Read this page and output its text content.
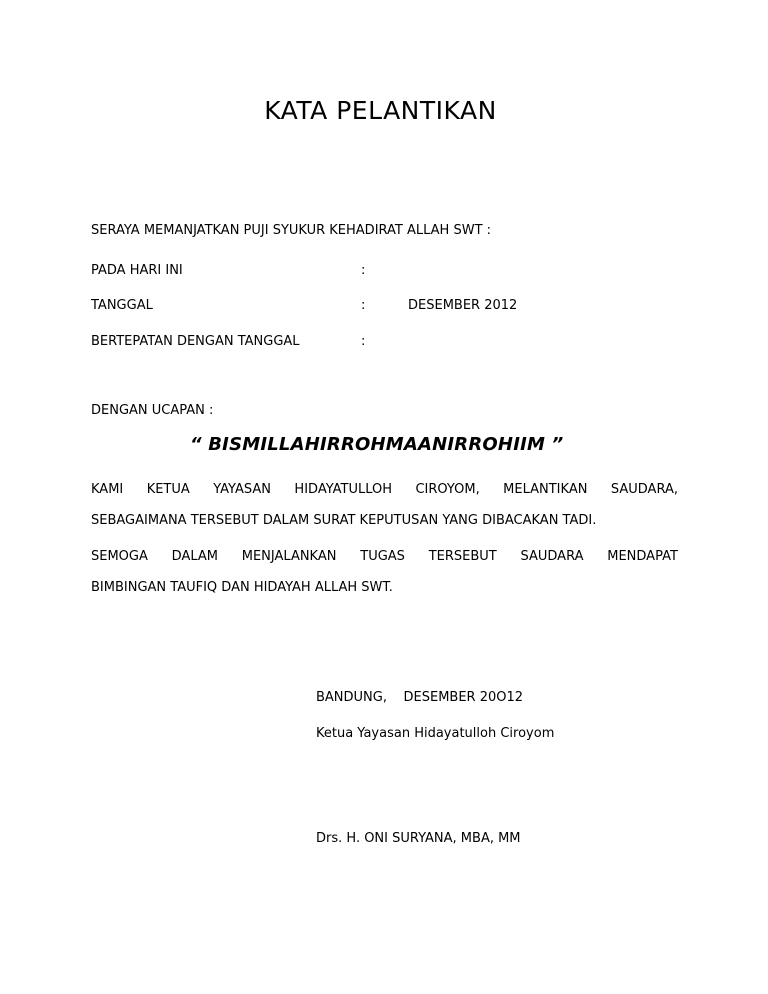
KATA PELANTIKAN
SERAYA MEMANJATKAN PUJI SYUKUR KEHADIRAT ALLAH SWT :
PADA HARI INI	:
TANGGAL	:	DESEMBER 2012
BERTEPATAN DENGAN TANGGAL	:
DENGAN UCAPAN :
“ BISMILLAHIRROHMAANIRROHIIM ”
KAMI KETUA YAYASAN HIDAYATULLOH CIROYOM, MELANTIKAN SAUDARA,
SEBAGAIMANA TERSEBUT DALAM SURAT KEPUTUSAN YANG DIBACAKAN TADI.
SEMOGA DALAM MENJALANKAN TUGAS TERSEBUT SAUDARA MENDAPAT
BIMBINGAN TAUFIQ DAN HIDAYAH ALLAH SWT.
BANDUNG,    DESEMBER 20O12
Ketua Yayasan Hidayatulloh Ciroyom
Drs. H. ONI SURYANA, MBA, MM
